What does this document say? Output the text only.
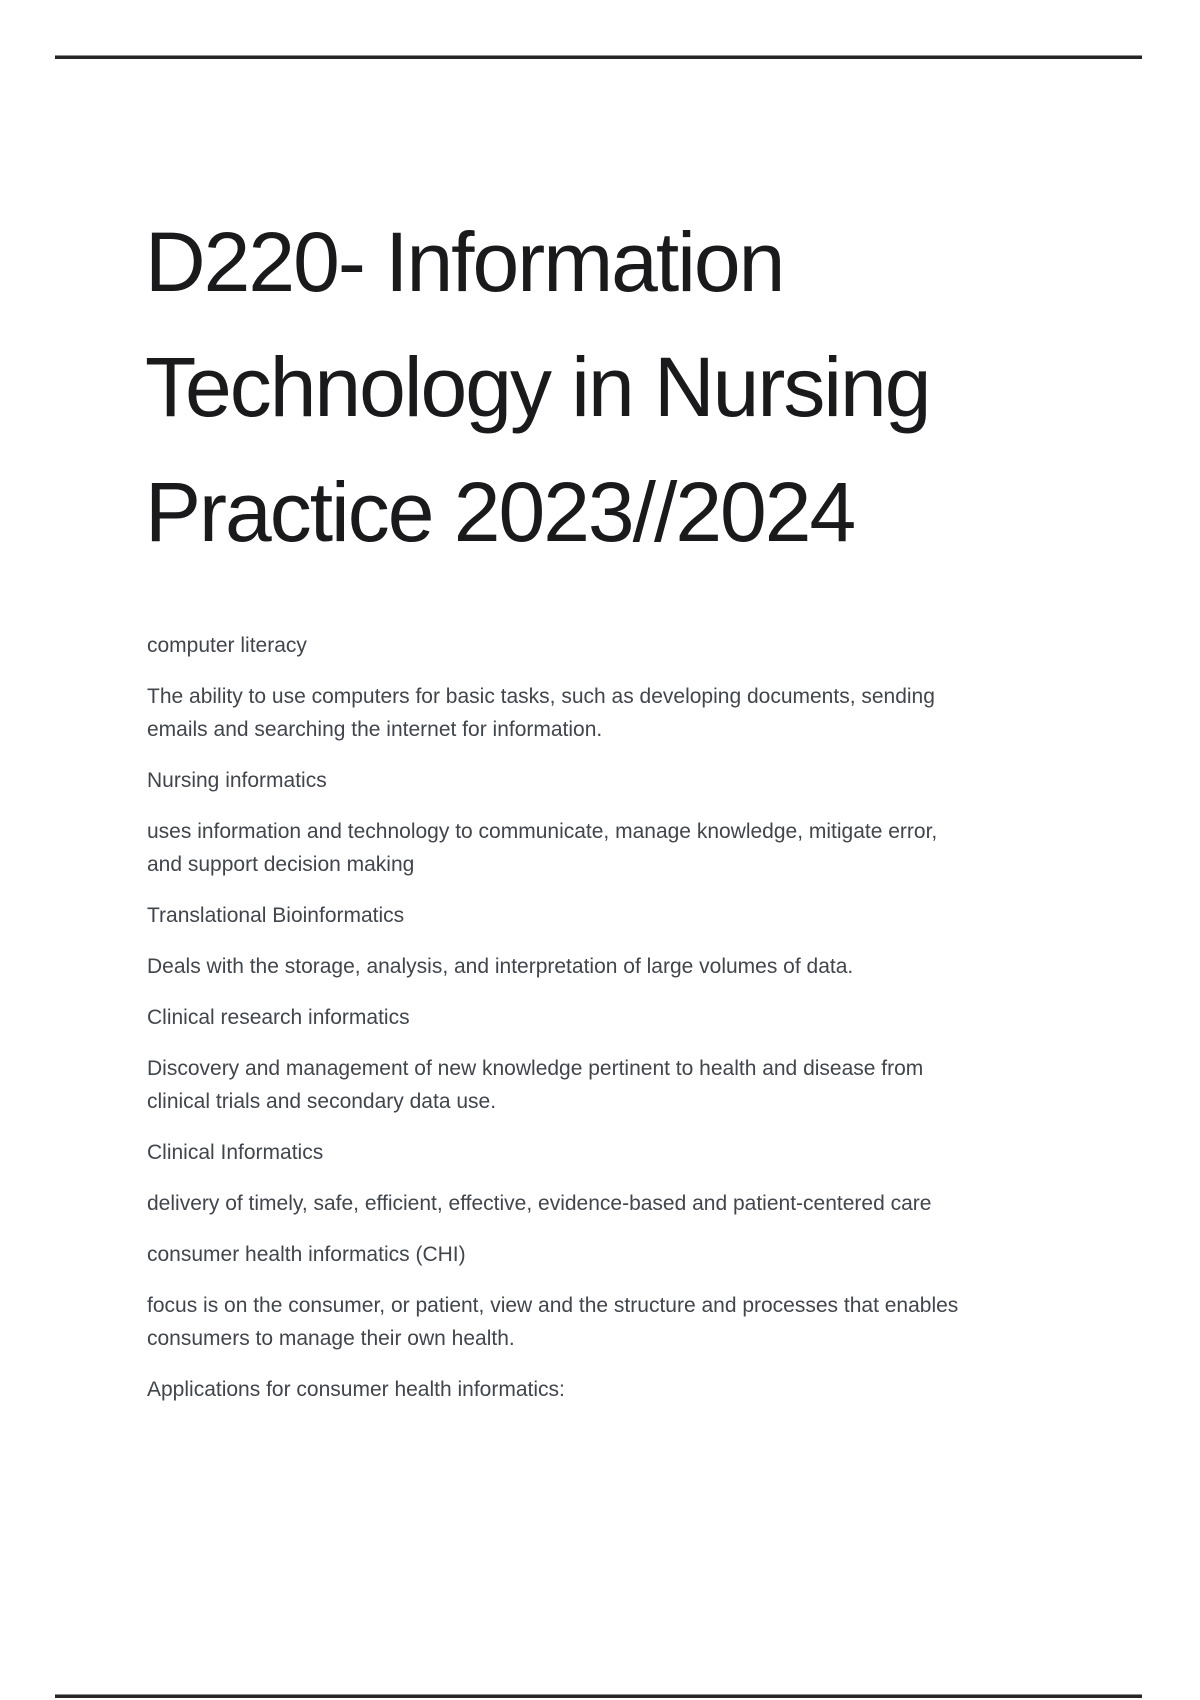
D220- Information
Technology in Nursing
Practice 2023//2024

computer literacy

The ability to use computers for basic tasks, such as developing documents, sending
emails and searching the internet for information.

Nursing informatics

uses information and technology to communicate, manage knowledge, mitigate error,
and support decision making

Translational Bioinformatics

Deals with the storage, analysis, and interpretation of large volumes of data.

Clinical research informatics

Discovery and management of new knowledge pertinent to health and disease from
clinical trials and secondary data use.

Clinical Informatics

delivery of timely, safe, efficient, effective, evidence-based and patient-centered care

consumer health informatics (CHI)

focus is on the consumer, or patient, view and the structure and processes that enables
consumers to manage their own health.

Applications for consumer health informatics:
